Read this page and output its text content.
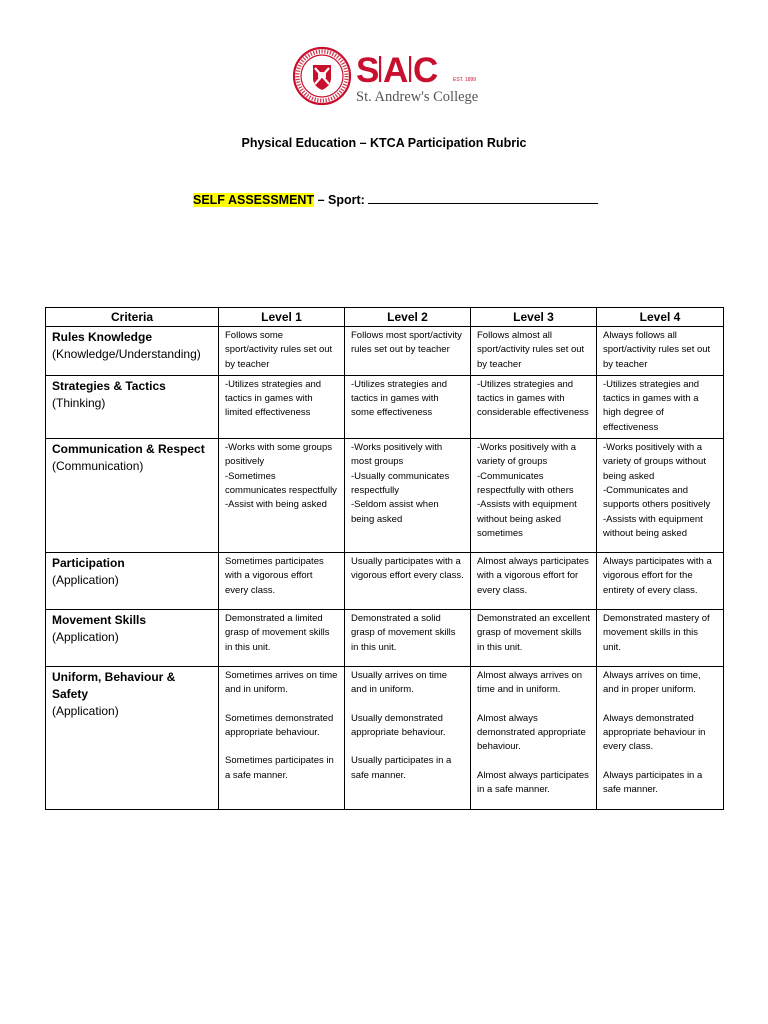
S A C	EST. 1899
St. Andrew's College
Physical Education – KTCA Participation Rubric
SELF ASSESSMENT – Sport:
Criteria	Level 1	Level 2	Level 3	Level 4

Rules Knowledge
(Knowledge/Understanding)	Follows some sport/activity rules set out by teacher	Follows most sport/activity rules set out by teacher	Follows almost all sport/activity rules set out by teacher	Always follows all sport/activity rules set out by teacher

Strategies & Tactics
(Thinking)	-Utilizes strategies and tactics in games with limited effectiveness	-Utilizes strategies and tactics in games with some effectiveness	-Utilizes strategies and tactics in games with considerable effectiveness	-Utilizes strategies and tactics in games with a high degree of effectiveness

Communication & Respect
(Communication)	-Works with some groups positively
-Sometimes communicates respectfully
-Assist with being asked	-Works positively with most groups
-Usually communicates respectfully
-Seldom assist when being asked	-Works positively with a variety of groups
-Communicates respectfully with others
-Assists with equipment without being asked sometimes	-Works positively with a variety of groups without being asked
-Communicates and supports others positively
-Assists with equipment without being asked

Participation
(Application)	Sometimes participates with a vigorous effort every class.	Usually participates with a vigorous effort every class.	Almost always participates with a vigorous effort for every class.	Always participates with a vigorous effort for the entirety of every class.

Movement Skills
(Application)	Demonstrated a limited grasp of movement skills in this unit.	Demonstrated a solid grasp of movement skills in this unit.	Demonstrated an excellent grasp of movement skills in this unit.	Demonstrated mastery of movement skills in this unit.

Uniform, Behaviour & Safety
(Application)	Sometimes arrives on time and in uniform.
Sometimes demonstrated appropriate behaviour.
Sometimes participates in a safe manner.	Usually arrives on time and in uniform.
Usually demonstrated appropriate behaviour.
Usually participates in a safe manner.	Almost always arrives on time and in uniform.
Almost always demonstrated appropriate behaviour.
Almost always participates in a safe manner.	Always arrives on time, and in proper uniform.
Always demonstrated appropriate behaviour in every class.
Always participates in a safe manner.
